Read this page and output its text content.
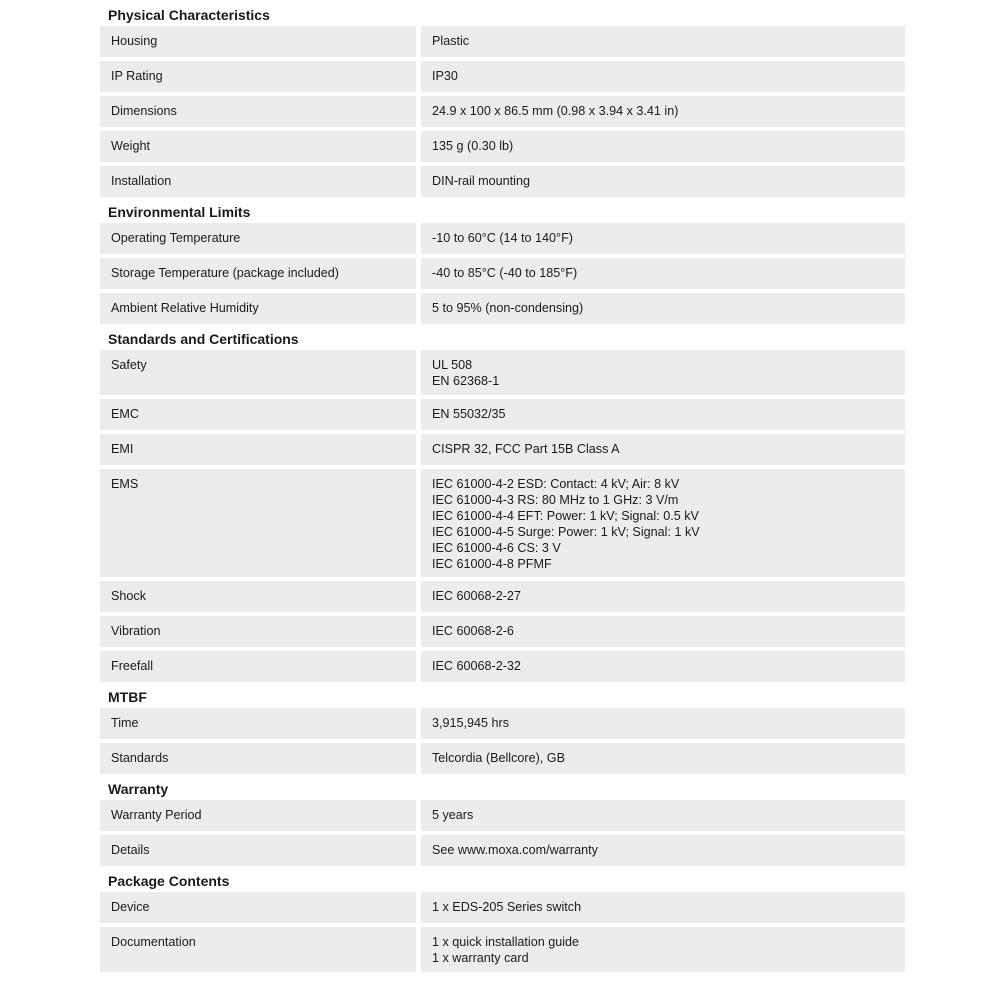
Physical Characteristics
Housing	Plastic
IP Rating	IP30
Dimensions	24.9 x 100 x 86.5 mm (0.98 x 3.94 x 3.41 in)
Weight	135 g (0.30 lb)
Installation	DIN-rail mounting
Environmental Limits
Operating Temperature	-10 to 60°C (14 to 140°F)
Storage Temperature (package included)	-40 to 85°C (-40 to 185°F)
Ambient Relative Humidity	5 to 95% (non-condensing)
Standards and Certifications
Safety	UL 508
EN 62368-1
EMC	EN 55032/35
EMI	CISPR 32, FCC Part 15B Class A
EMS	IEC 61000-4-2 ESD: Contact: 4 kV; Air: 8 kV
IEC 61000-4-3 RS: 80 MHz to 1 GHz: 3 V/m
IEC 61000-4-4 EFT: Power: 1 kV; Signal: 0.5 kV
IEC 61000-4-5 Surge: Power: 1 kV; Signal: 1 kV
IEC 61000-4-6 CS: 3 V
IEC 61000-4-8 PFMF
Shock	IEC 60068-2-27
Vibration	IEC 60068-2-6
Freefall	IEC 60068-2-32
MTBF
Time	3,915,945 hrs
Standards	Telcordia (Bellcore), GB
Warranty
Warranty Period	5 years
Details	See www.moxa.com/warranty
Package Contents
Device	1 x EDS-205 Series switch
Documentation	1 x quick installation guide
1 x warranty card
